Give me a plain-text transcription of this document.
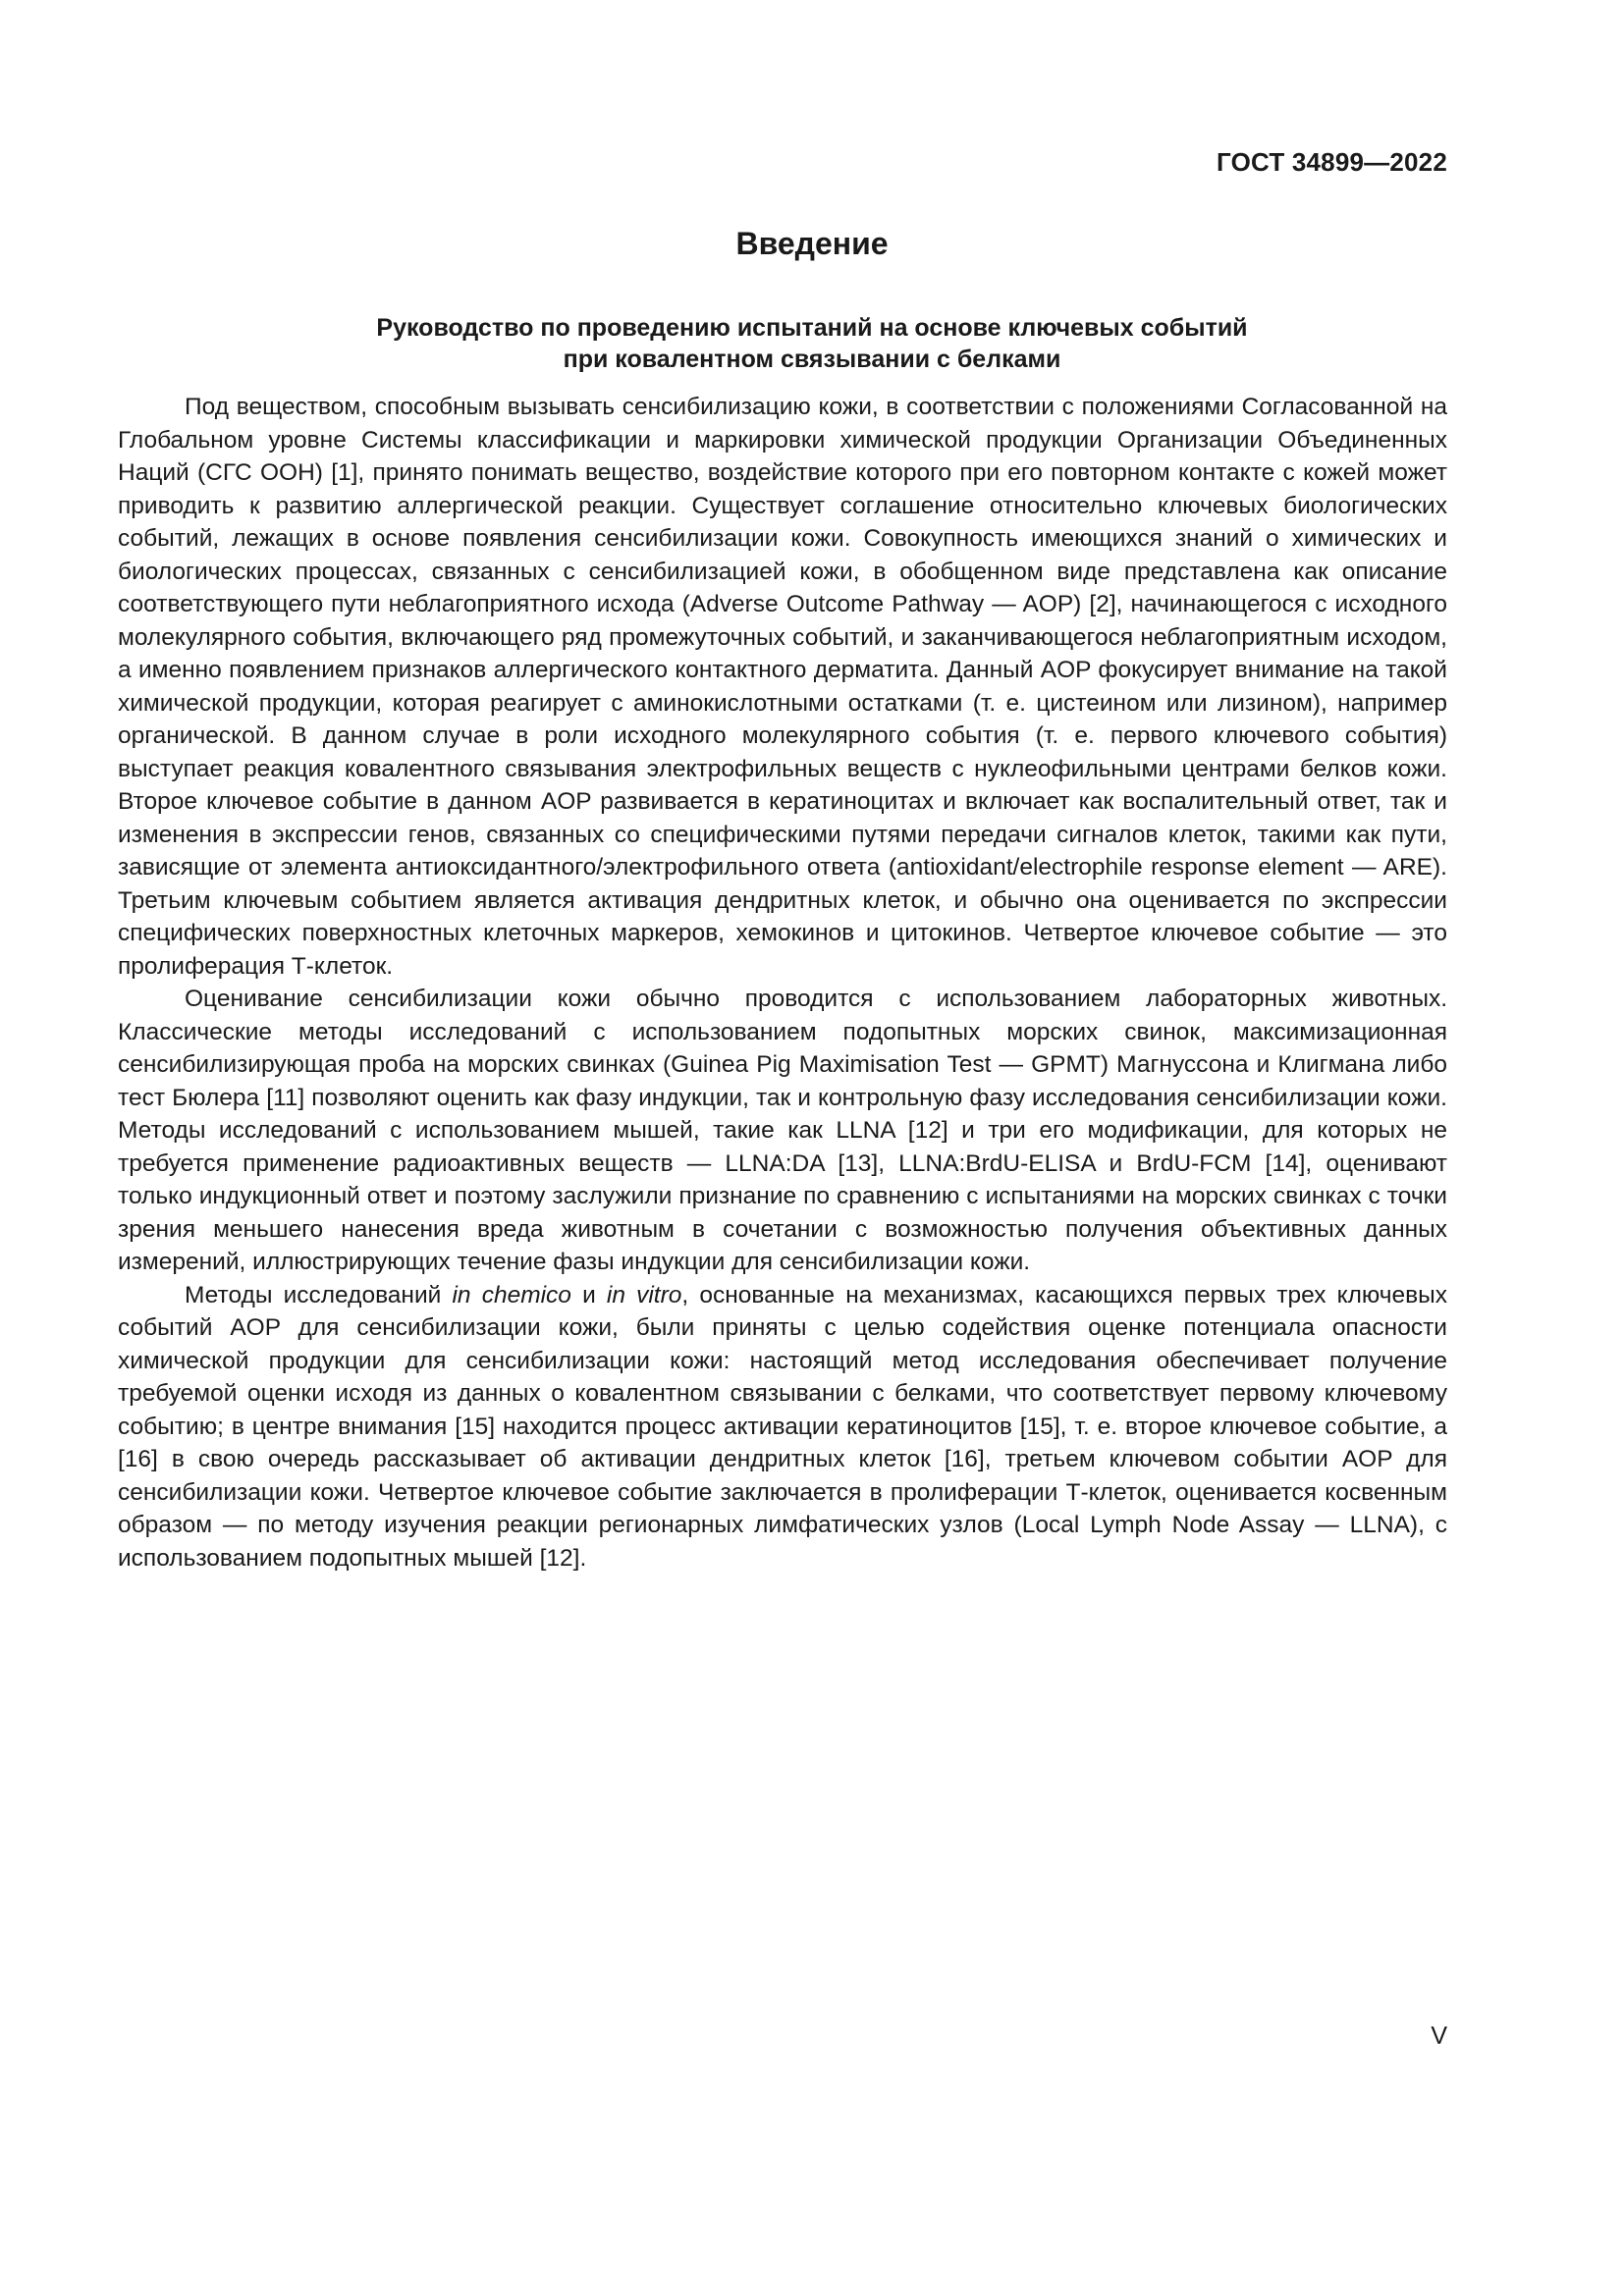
ГОСТ 34899—2022
Введение
Руководство по проведению испытаний на основе ключевых событий
при ковалентном связывании с белками

Под веществом, способным вызывать сенсибилизацию кожи, в соответствии с положениями Согласованной на Глобальном уровне Системы классификации и маркировки химической продукции Организации Объединенных Наций (СГС ООН) [1], принято понимать вещество, воздействие которого при его повторном контакте с кожей может приводить к развитию аллергической реакции. Существует соглашение относительно ключевых биологических событий, лежащих в основе появления сенсибилизации кожи. Совокупность имеющихся знаний о химических и биологических процессах, связанных с сенсибилизацией кожи, в обобщенном виде представлена как описание соответствующего пути неблагоприятного исхода (Adverse Outcome Pathway — AOP) [2], начинающегося с исходного молекулярного события, включающего ряд промежуточных событий, и заканчивающегося неблагоприятным исходом, а именно появлением признаков аллергического контактного дерматита. Данный AOP фокусирует внимание на такой химической продукции, которая реагирует с аминокислотными остатками (т. е. цистеином или лизином), например органической. В данном случае в роли исходного молекулярного события (т. е. первого ключевого события) выступает реакция ковалентного связывания электрофильных веществ с нуклеофильными центрами белков кожи. Второе ключевое событие в данном AOP развивается в кератиноцитах и включает как воспалительный ответ, так и изменения в экспрессии генов, связанных со специфическими путями передачи сигналов клеток, такими как пути, зависящие от элемента антиоксидантного/электрофильного ответа (antioxidant/electrophile response element — ARE). Третьим ключевым событием является активация дендритных клеток, и обычно она оценивается по экспрессии специфических поверхностных клеточных маркеров, хемокинов и цитокинов. Четвертое ключевое событие — это пролиферация Т-клеток.

Оценивание сенсибилизации кожи обычно проводится с использованием лабораторных животных. Классические методы исследований с использованием подопытных морских свинок, максимизационная сенсибилизирующая проба на морских свинках (Guinea Pig Maximisation Test — GPMT) Магнуссона и Клигмана либо тест Бюлера [11] позволяют оценить как фазу индукции, так и контрольную фазу исследования сенсибилизации кожи. Методы исследований с использованием мышей, такие как LLNA [12] и три его модификации, для которых не требуется применение радиоактивных веществ — LLNA:DA [13], LLNA:BrdU-ELISA и BrdU-FCM [14], оценивают только индукционный ответ и поэтому заслужили признание по сравнению с испытаниями на морских свинках с точки зрения меньшего нанесения вреда животным в сочетании с возможностью получения объективных данных измерений, иллюстрирующих течение фазы индукции для сенсибилизации кожи.

Методы исследований in chemico и in vitro, основанные на механизмах, касающихся первых трех ключевых событий AOP для сенсибилизации кожи, были приняты с целью содействия оценке потенциала опасности химической продукции для сенсибилизации кожи: настоящий метод исследования обеспечивает получение требуемой оценки исходя из данных о ковалентном связывании с белками, что соответствует первому ключевому событию; в центре внимания [15] находится процесс активации кератиноцитов [15], т. е. второе ключевое событие, а [16] в свою очередь рассказывает об активации дендритных клеток [16], третьем ключевом событии AOP для сенсибилизации кожи. Четвертое ключевое событие заключается в пролиферации Т-клеток, оценивается косвенным образом — по методу изучения реакции регионарных лимфатических узлов (Local Lymph Node Assay — LLNA), с использованием подопытных мышей [12].

V
